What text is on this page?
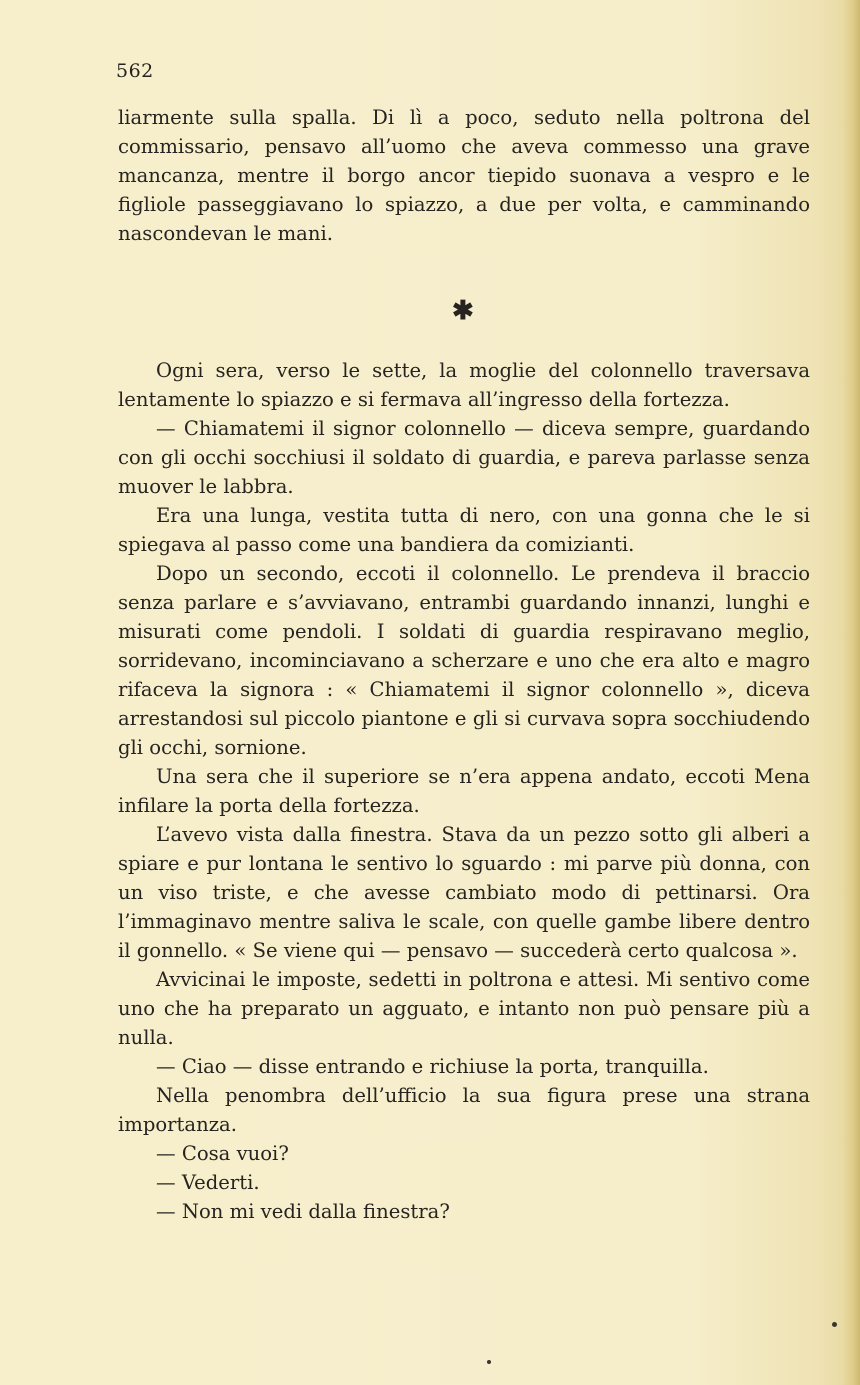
562

liarmente sulla spalla. Di lì a poco, seduto nella poltrona del commissario, pensavo all’uomo che aveva commesso una grave mancanza, mentre il borgo ancor tiepido suonava a vespro e le figliole passeggiavano lo spiazzo, a due per volta, e camminando nascondevan le mani.

✱

Ogni sera, verso le sette, la moglie del colonnello traversava lentamente lo spiazzo e si fermava all’ingresso della fortezza.

— Chiamatemi il signor colonnello — diceva sempre, guardando con gli occhi socchiusi il soldato di guardia, e pareva parlasse senza muover le labbra.

Era una lunga, vestita tutta di nero, con una gonna che le si spiegava al passo come una bandiera da comizianti.

Dopo un secondo, eccoti il colonnello. Le prendeva il braccio senza parlare e s’avviavano, entrambi guardando innanzi, lunghi e misurati come pendoli. I soldati di guardia respiravano meglio, sorridevano, incominciavano a scherzare e uno che era alto e magro rifaceva la signora : « Chiamatemi il signor colonnello », diceva arrestandosi sul piccolo piantone e gli si curvava sopra socchiudendo gli occhi, sornione.

Una sera che il superiore se n’era appena andato, eccoti Mena infilare la porta della fortezza.

L’avevo vista dalla finestra. Stava da un pezzo sotto gli alberi a spiare e pur lontana le sentivo lo sguardo : mi parve più donna, con un viso triste, e che avesse cambiato modo di pettinarsi. Ora l’immaginavo mentre saliva le scale, con quelle gambe libere dentro il gonnello. « Se viene qui — pensavo — succederà certo qualcosa ».

Avvicinai le imposte, sedetti in poltrona e attesi. Mi sentivo come uno che ha preparato un agguato, e intanto non può pensare più a nulla.

— Ciao — disse entrando e richiuse la porta, tranquilla.

Nella penombra dell’ufficio la sua figura prese una strana importanza.

— Cosa vuoi?

— Vederti.

— Non mi vedi dalla finestra?
